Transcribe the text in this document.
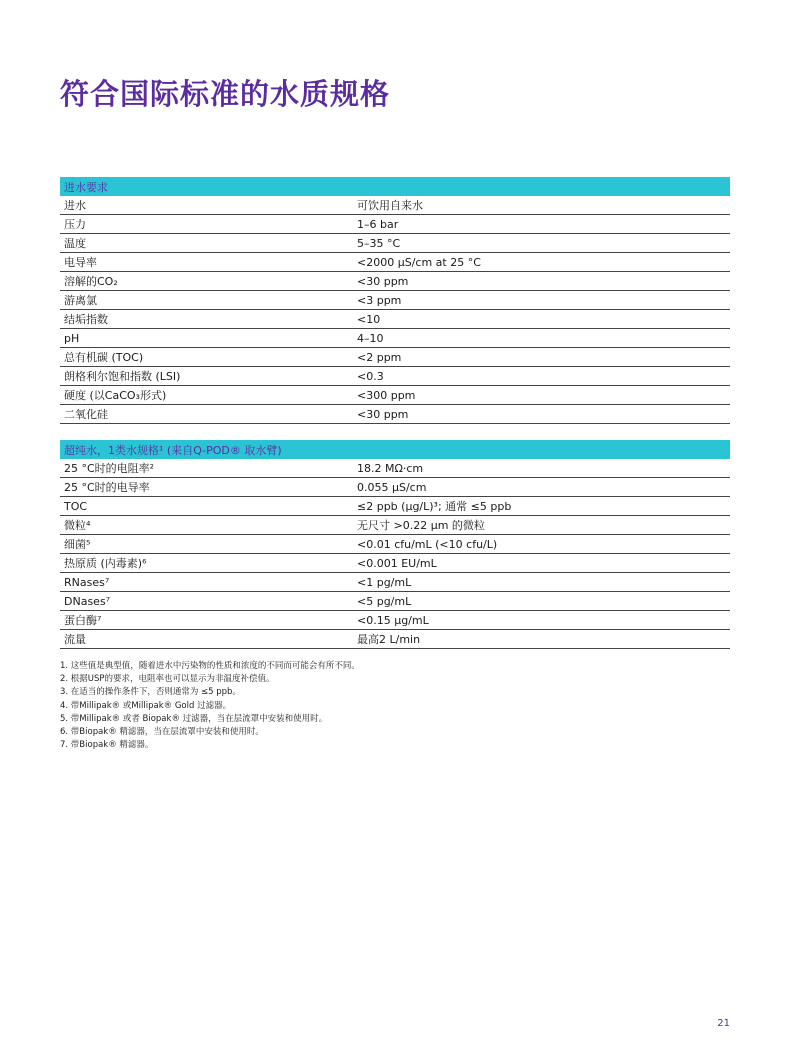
符合国际标准的水质规格
进水要求	
进水	可饮用自来水
压力	1–6 bar
温度	5–35 °C
电导率	<2000 µS/cm at 25 °C
溶解的CO₂	<30 ppm
游离氯	<3 ppm
结垢指数	<10
pH	4–10
总有机碳 (TOC)	<2 ppm
朗格利尔饱和指数 (LSI)	<0.3
硬度 (以CaCO₃形式)	<300 ppm
二氧化硅	<30 ppm
超纯水，1类水规格¹ (来自Q-POD® 取水臂)	
25 °C时的电阻率²	18.2 MΩ·cm
25 °C时的电导率	0.055 µS/cm
TOC	≤2 ppb (µg/L)³; 通常 ≤5 ppb
微粒⁴	无尺寸 >0.22 µm 的微粒
细菌⁵	<0.01 cfu/mL (<10 cfu/L)
热原质 (内毒素)⁶	<0.001 EU/mL
RNases⁷	<1 pg/mL
DNases⁷	<5 pg/mL
蛋白酶⁷	<0.15 µg/mL
流量	最高2 L/min
1. 这些值是典型值，随着进水中污染物的性质和浓度的不同而可能会有所不同。
2. 根据USP的要求，电阻率也可以显示为非温度补偿值。
3. 在适当的操作条件下，否则通常为 ≤5 ppb。
4. 带Millipak® 或Millipak® Gold 过滤器。
5. 带Millipak® 或者 Biopak® 过滤器，当在层流罩中安装和使用时。
6. 带Biopak® 精滤器，当在层流罩中安装和使用时。
7. 带Biopak® 精滤器。
21
